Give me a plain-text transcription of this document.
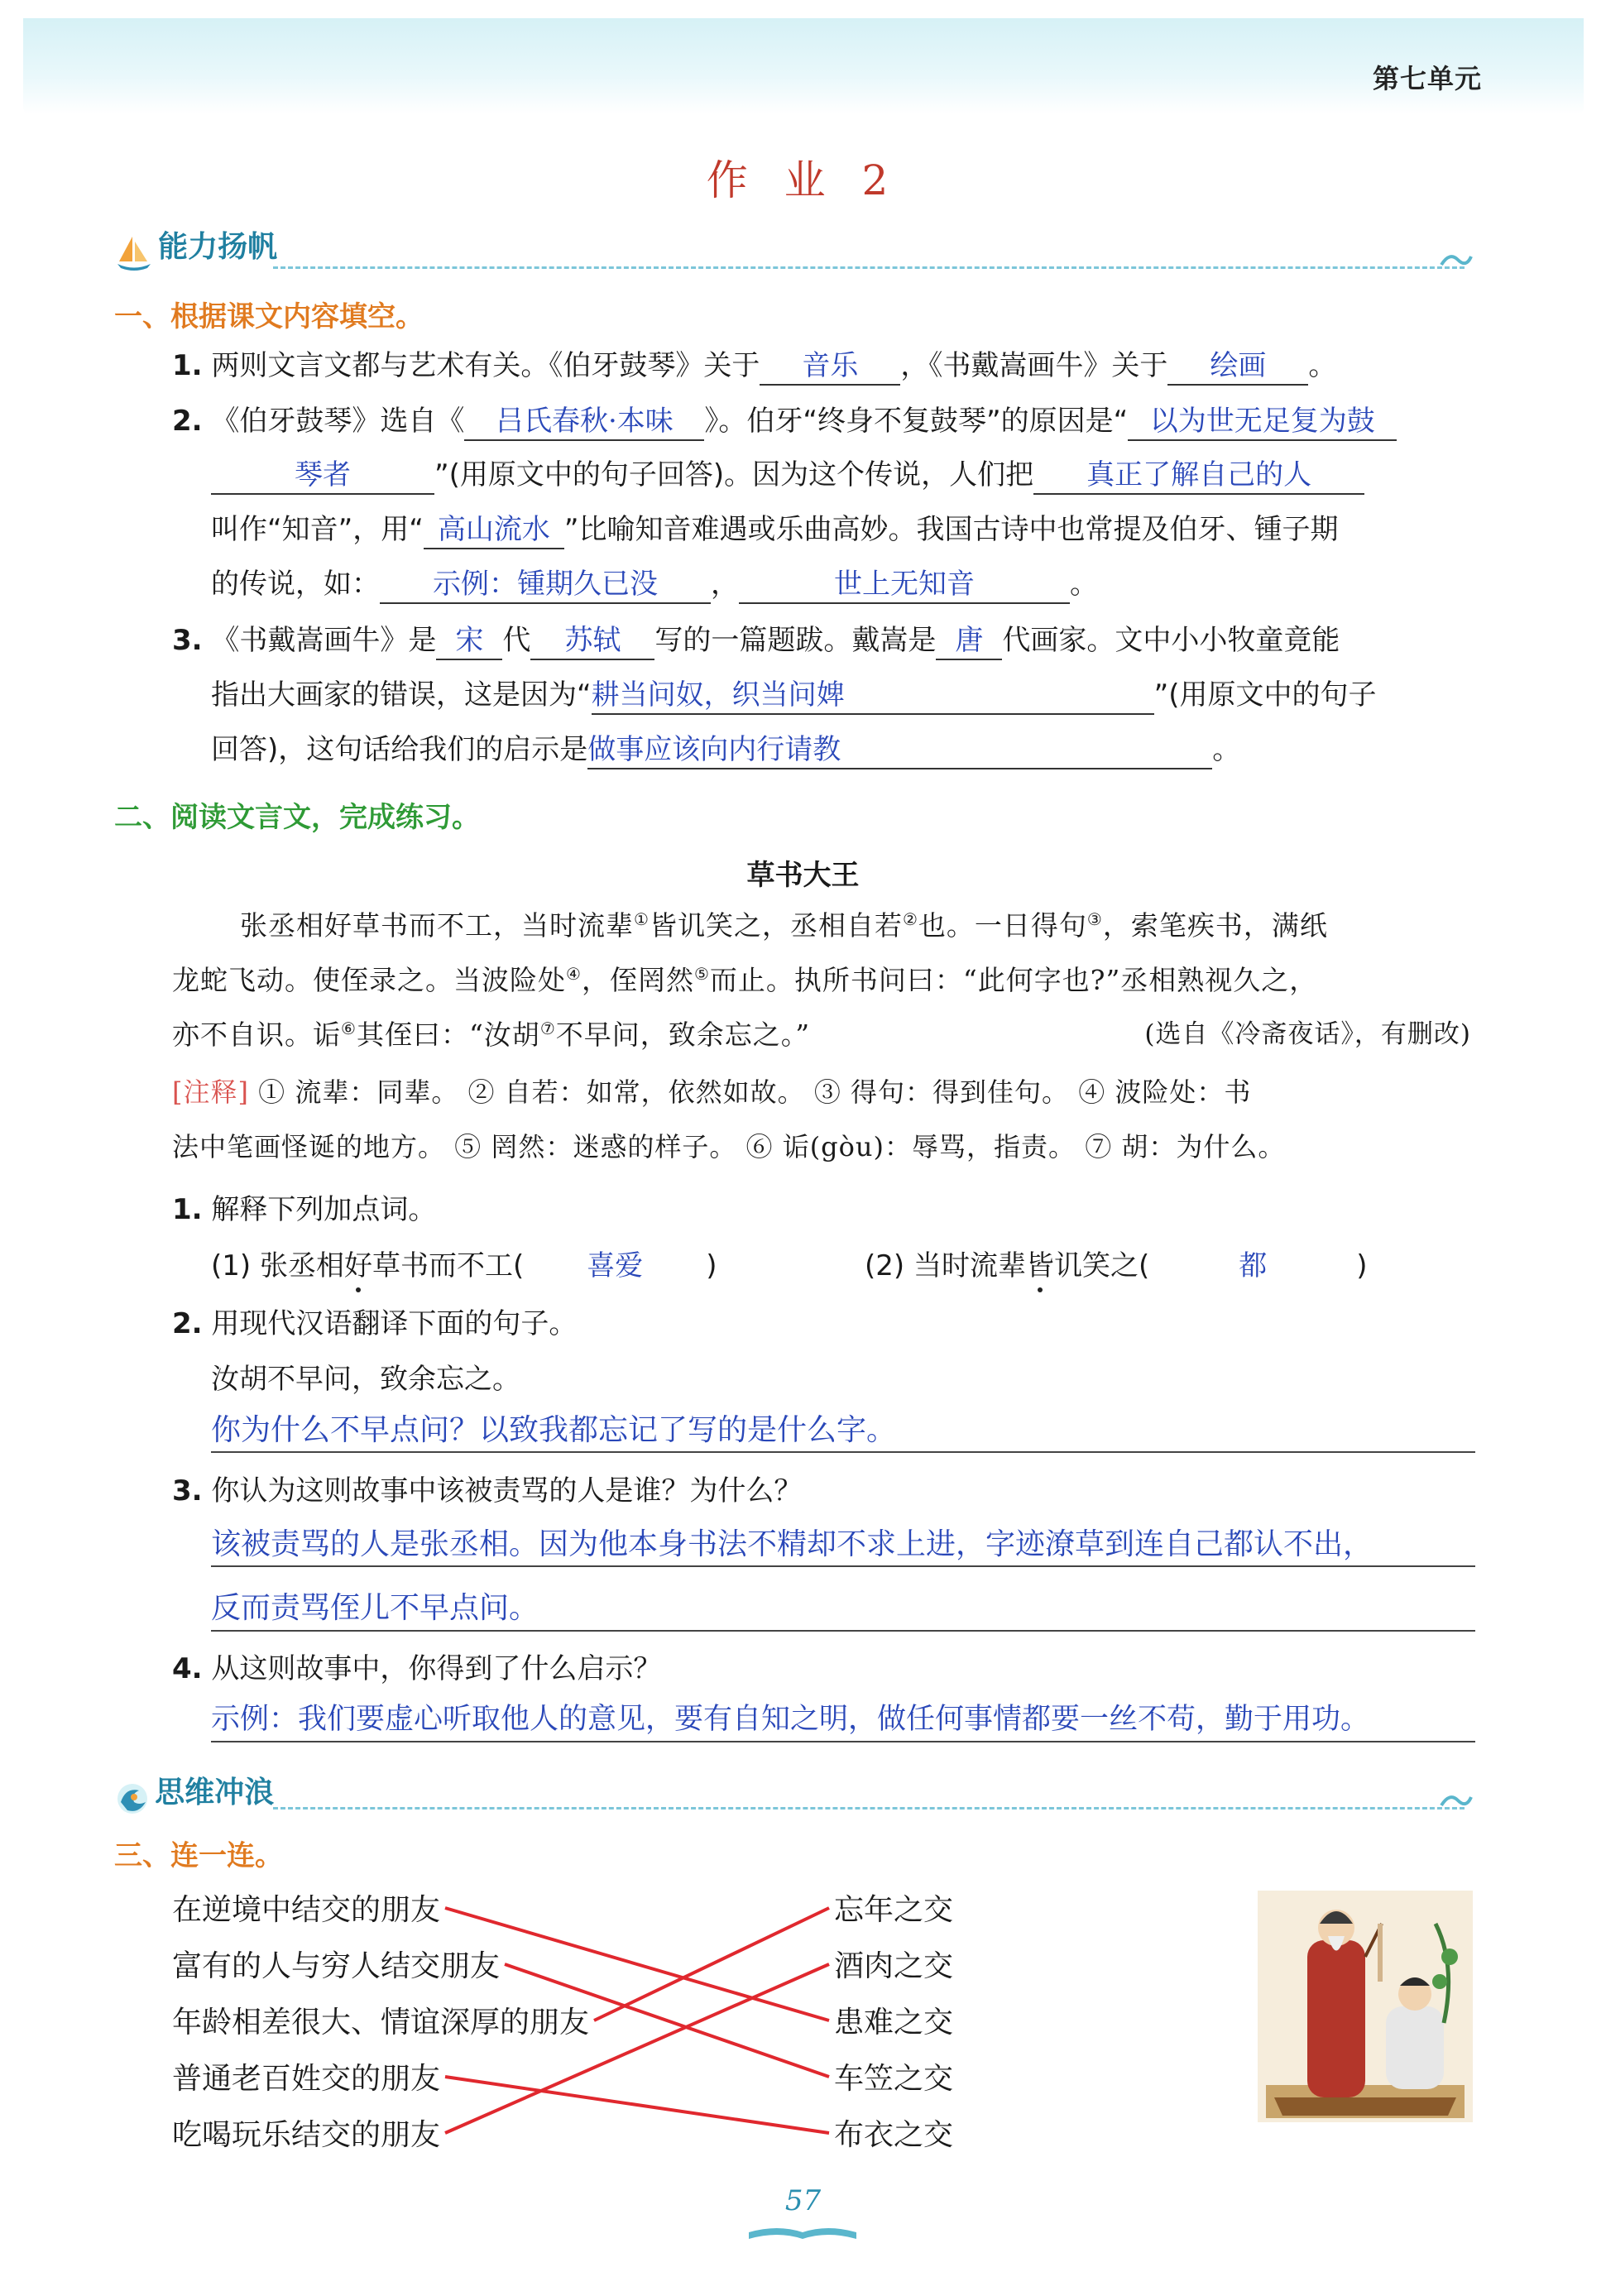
第七单元
作 业 2
能力扬帆
一、根据课文内容填空。
1. 两则文言文都与艺术有关。《伯牙鼓琴》关于 音乐 ，《书戴嵩画牛》关于 绘画 。
2. 《伯牙鼓琴》选自《 吕氏春秋·本味 》。伯牙“终身不复鼓琴”的原因是“ 以为世无足复为鼓
琴者	”(用原文中的句子回答)。因为这个传说，人们把 真正了解自己的人
叫作“知音”，用“ 高山流水 ”比喻知音难遇或乐曲高妙。我国古诗中也常提及伯牙、锺子期
的传说，如： 示例：锺期久已没 ，	世上无知音	。
3. 《书戴嵩画牛》是 宋 代 苏轼 写的一篇题跋。戴嵩是 唐 代画家。文中小小牧童竟能
指出大画家的错误，这是因为“耕当问奴，织当问婢	”(用原文中的句子
回答)，这句话给我们的启示是做事应该向内行请教	。
二、阅读文言文，完成练习。
草书大王
张丞相好草书而不工，当时流辈①皆讥笑之，丞相自若②也。一日得句③，索笔疾书，满纸
龙蛇飞动。使侄录之。当波险处④，侄罔然⑤而止。执所书问曰：“此何字也?”丞相熟视久之，
亦不自识。诟⑥其侄曰：“汝胡⑦不早问，致余忘之。”	(选自《冷斋夜话》，有删改)
[注释] ① 流辈：同辈。 ② 自若：如常，依然如故。 ③ 得句：得到佳句。 ④ 波险处：书
法中笔画怪诞的地方。 ⑤ 罔然：迷惑的样子。 ⑥ 诟(gòu)：辱骂，指责。 ⑦ 胡：为什么。
1. 解释下列加点词。
(1) 张丞相好草书而不工( 喜爱 )	(2) 当时流辈皆讥笑之(	都	)
2. 用现代汉语翻译下面的句子。
汝胡不早问，致余忘之。
你为什么不早点问？以致我都忘记了写的是什么字。
3. 你认为这则故事中该被责骂的人是谁？为什么？
该被责骂的人是张丞相。因为他本身书法不精却不求上进，字迹潦草到连自己都认不出，
反而责骂侄儿不早点问。
4. 从这则故事中，你得到了什么启示？
示例：我们要虚心听取他人的意见，要有自知之明，做任何事情都要一丝不苟，勤于用功。
思维冲浪
三、连一连。
在逆境中结交的朋友
富有的人与穷人结交朋友
年龄相差很大、情谊深厚的朋友
普通老百姓交的朋友
吃喝玩乐结交的朋友
忘年之交
酒肉之交
患难之交
车笠之交
布衣之交
57
